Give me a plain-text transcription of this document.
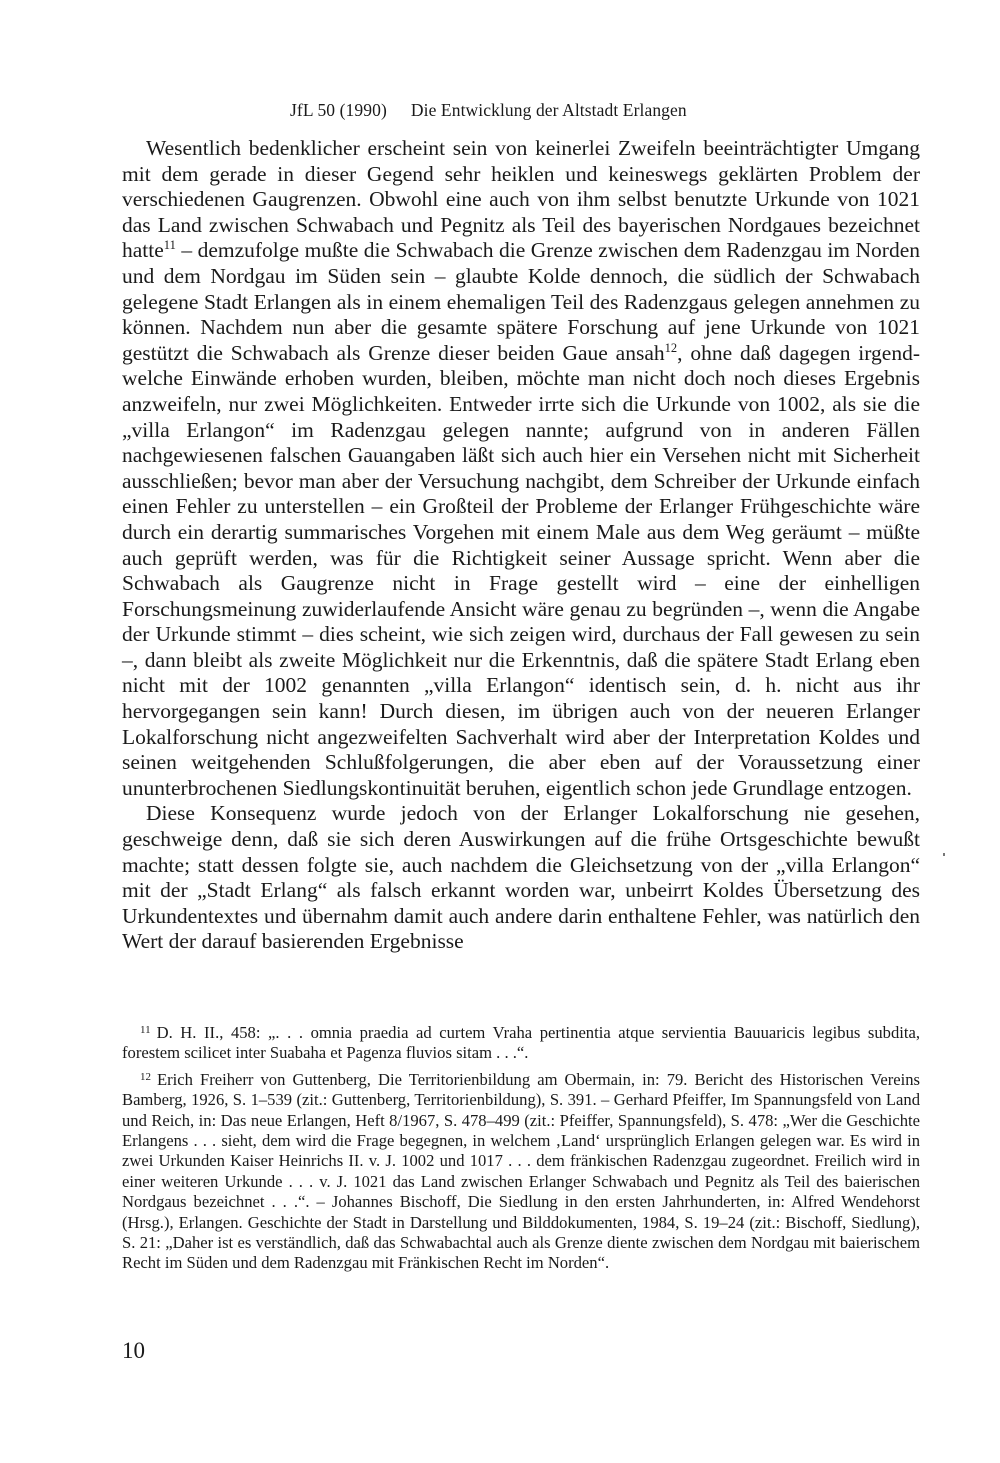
JfL 50 (1990) Die Entwicklung der Altstadt Erlangen

Wesentlich bedenklicher erscheint sein von keinerlei Zweifeln beeinträchtigter Umgang mit dem gerade in dieser Gegend sehr heiklen und keineswegs geklärten Problem der verschiedenen Gaugrenzen. Obwohl eine auch von ihm selbst benutzte Urkunde von 1021 das Land zwischen Schwabach und Pegnitz als Teil des bayerischen Nordgaues bezeichnet hatte$^{11}$ – demzufolge mußte die Schwabach die Grenze zwischen dem Radenzgau im Norden und dem Nordgau im Süden sein – glaubte Kolde dennoch, die südlich der Schwabach gelegene Stadt Erlangen als in einem ehemaligen Teil des Radenzgaus gelegen annehmen zu können. Nachdem nun aber die gesamte spätere Forschung auf jene Urkunde von 1021 gestützt die Schwabach als Grenze dieser beiden Gaue ansah$^{12}$, ohne daß dagegen irgendwelche Einwände erhoben wurden, bleiben, möchte man nicht doch noch dieses Ergebnis anzweifeln, nur zwei Möglichkeiten. Entweder irrte sich die Urkunde von 1002, als sie die „villa Erlangon“ im Radenzgau gelegen nannte; aufgrund von in anderen Fällen nachgewiesenen falschen Gauangaben läßt sich auch hier ein Versehen nicht mit Sicherheit ausschließen; bevor man aber der Versuchung nachgibt, dem Schreiber der Urkunde einfach einen Fehler zu unterstellen – ein Großteil der Probleme der Erlanger Frühgeschichte wäre durch ein derartig summarisches Vorgehen mit einem Male aus dem Weg geräumt – müßte auch geprüft werden, was für die Richtigkeit seiner Aussage spricht. Wenn aber die Schwabach als Gaugrenze nicht in Frage gestellt wird – eine der einhelligen Forschungsmeinung zuwiderlaufende Ansicht wäre genau zu begründen –, wenn die Angabe der Urkunde stimmt – dies scheint, wie sich zeigen wird, durchaus der Fall gewesen zu sein –, dann bleibt als zweite Möglichkeit nur die Erkenntnis, daß die spätere Stadt Erlang eben nicht mit der 1002 genannten „villa Erlangon“ identisch sein, d. h. nicht aus ihr hervorgegangen sein kann! Durch diesen, im übrigen auch von der neueren Erlanger Lokalforschung nicht angezweifelten Sachverhalt wird aber der Interpretation Koldes und seinen weitgehenden Schlußfolgerungen, die aber eben auf der Voraussetzung einer ununterbrochenen Siedlungskontinuität beruhen, eigentlich schon jede Grundlage entzogen.

Diese Konsequenz wurde jedoch von der Erlanger Lokalforschung nie gesehen, geschweige denn, daß sie sich deren Auswirkungen auf die frühe Ortsgeschichte bewußt machte; statt dessen folgte sie, auch nachdem die Gleichsetzung von der „villa Erlangon“ mit der „Stadt Erlang“ als falsch erkannt worden war, unbeirrt Koldes Übersetzung des Urkundentextes und übernahm damit auch andere darin enthaltene Fehler, was natürlich den Wert der darauf basierenden Ergebnisse

$^{11}$ D. H. II., 458: „. . . omnia praedia ad curtem Vraha pertinentia atque servientia Bauuaricis legibus subdita, forestem scilicet inter Suabaha et Pagenza fluvios sitam . . .“.

$^{12}$ Erich Freiherr von Guttenberg, Die Territorienbildung am Obermain, in: 79. Bericht des Historischen Vereins Bamberg, 1926, S. 1–539 (zit.: Guttenberg, Territorienbildung), S. 391. – Gerhard Pfeiffer, Im Spannungsfeld von Land und Reich, in: Das neue Erlangen, Heft 8/1967, S. 478–499 (zit.: Pfeiffer, Spannungsfeld), S. 478: „Wer die Geschichte Erlangens . . . sieht, dem wird die Frage begegnen, in welchem ‚Land‘ ursprünglich Erlangen gelegen war. Es wird in zwei Urkunden Kaiser Heinrichs II. v. J. 1002 und 1017 . . . dem fränkischen Radenzgau zugeordnet. Freilich wird in einer weiteren Urkunde . . . v. J. 1021 das Land zwischen Erlanger Schwabach und Pegnitz als Teil des baierischen Nordgaus bezeichnet . . .“. – Johannes Bischoff, Die Siedlung in den ersten Jahrhunderten, in: Alfred Wendehorst (Hrsg.), Erlangen. Geschichte der Stadt in Darstellung und Bilddokumenten, 1984, S. 19–24 (zit.: Bischoff, Siedlung), S. 21: „Daher ist es verständlich, daß das Schwabachtal auch als Grenze diente zwischen dem Nordgau mit baierischem Recht im Süden und dem Radenzgau mit Fränkischen Recht im Norden“.

10
